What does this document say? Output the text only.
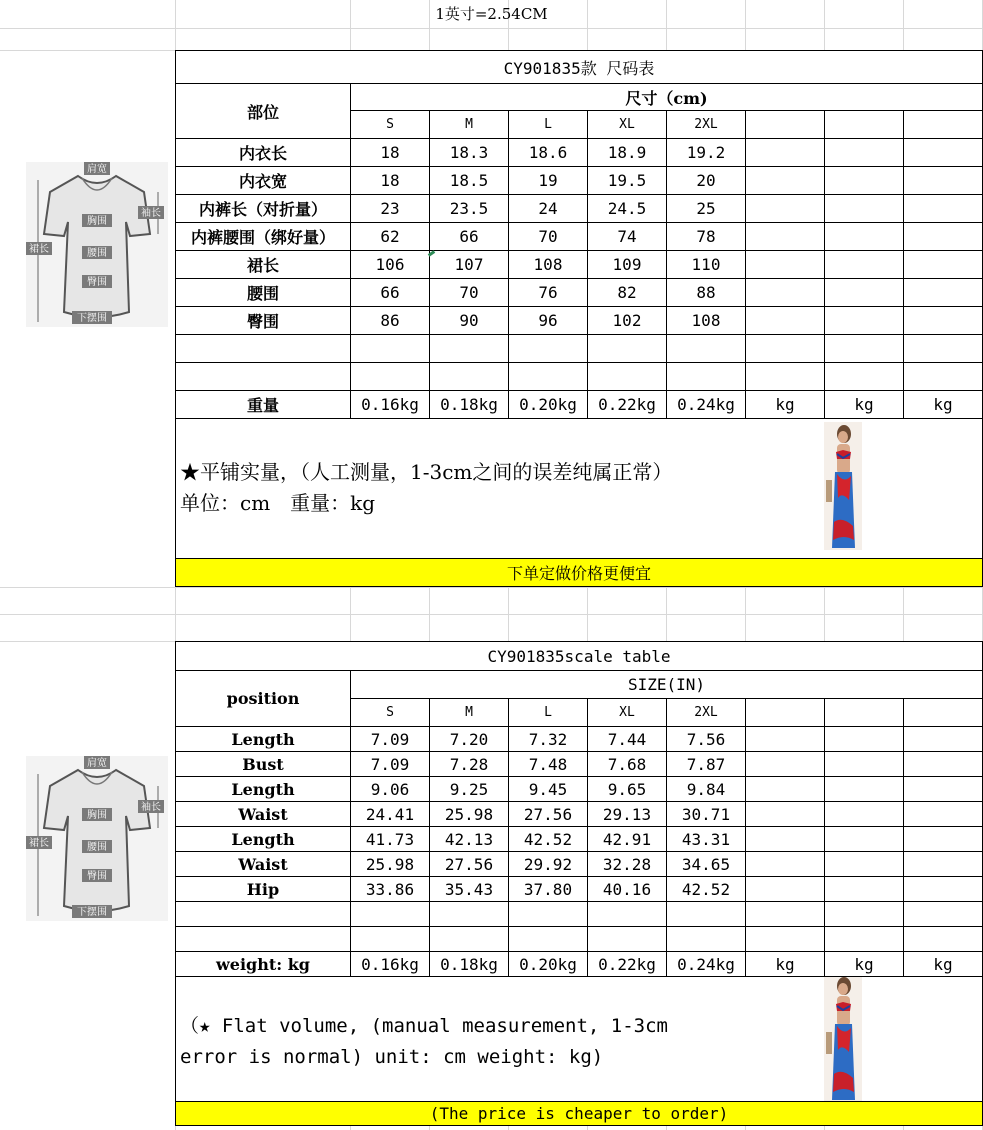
1英寸=2.54CM
肩宽
袖长
胸围
裙长	腰围
臀围
下摆围
CY901835款 尺码表								
部位	尺寸（cm)							
	S	M	L	XL	2XL			
内衣长	18	18.3	18.6	18.9	19.2			
内衣宽	18	18.5	19	19.5	20			
内裤长（对折量）	23	23.5	24	24.5	25			
内裤腰围（绑好量）	62	66	70	74	78			
裙长	106	107	108	109	110			
腰围	66	70	76	82	88			
臀围	86	90	96	102	108			

重量	0.16kg	0.18kg	0.20kg	0.22kg	0.24kg	kg	kg	kg

★平铺实量，（人工测量，1-3cm之间的误差纯属正常）
单位：cm　重量：kg								

下单定做价格更便宜								
肩宽
袖长
胸围
裙长	腰围
臀围
下摆围
CY901835scale table								
position	SIZE(IN)							
	S	M	L	XL	2XL			
Length	7.09	7.20	7.32	7.44	7.56			
Bust	7.09	7.28	7.48	7.68	7.87			
Length	9.06	9.25	9.45	9.65	9.84			
Waist	24.41	25.98	27.56	29.13	30.71			
Length	41.73	42.13	42.52	42.91	43.31			
Waist	25.98	27.56	29.92	32.28	34.65			
Hip	33.86	35.43	37.80	40.16	42.52			

weight: kg	0.16kg	0.18kg	0.20kg	0.22kg	0.24kg	kg	kg	kg

（★ Flat volume, (manual measurement, 1-3cm
error is normal) unit: cm weight: kg)								

(The price is cheaper to order)								
